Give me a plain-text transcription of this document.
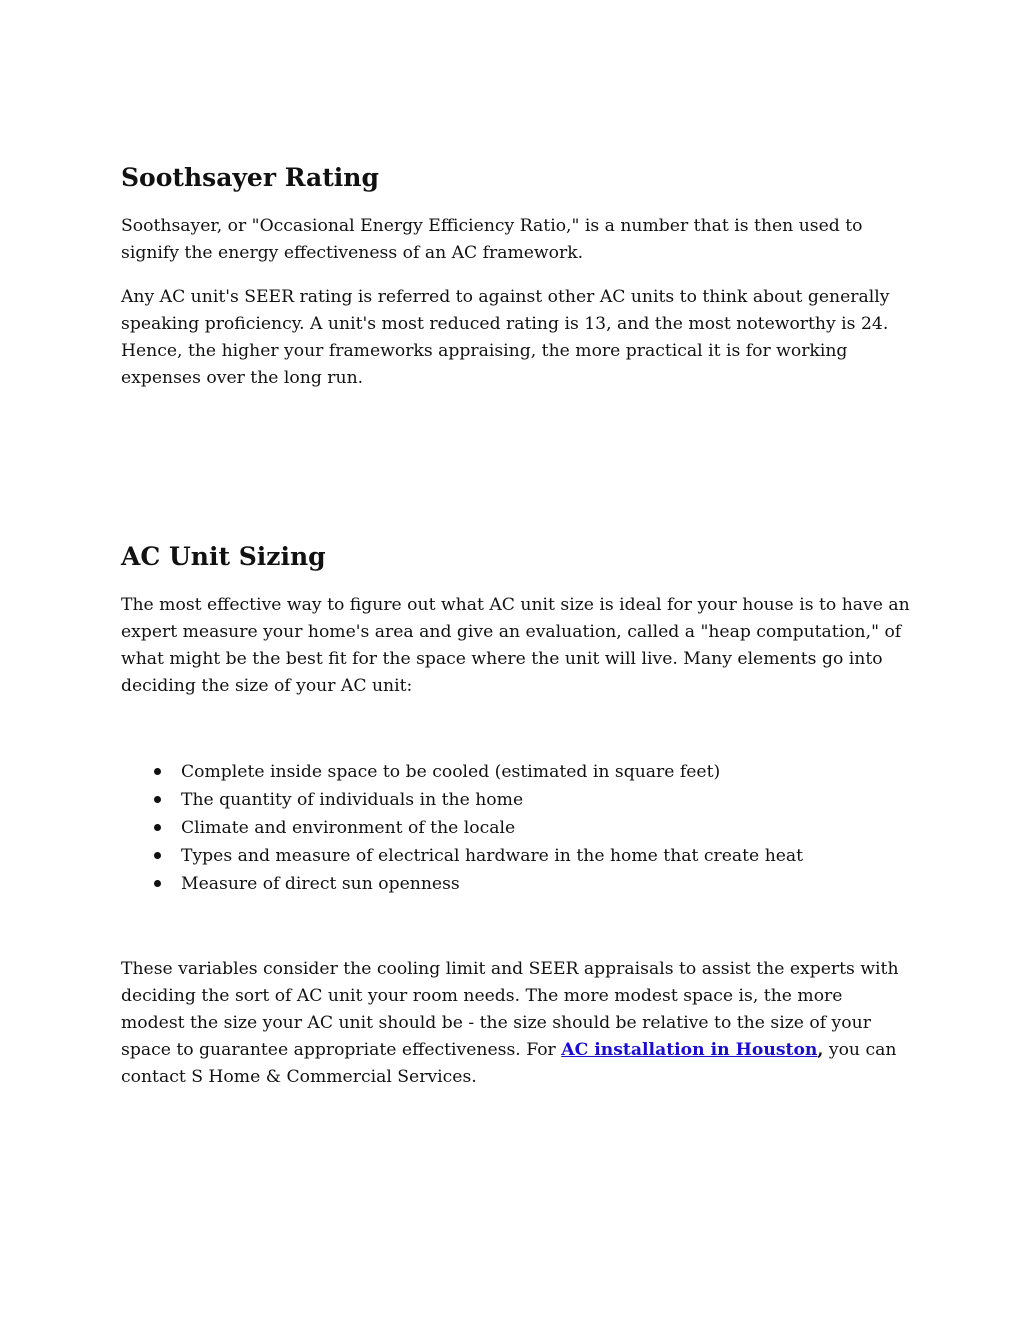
Soothsayer Rating

Soothsayer, or "Occasional Energy Efficiency Ratio," is a number that is then used to signify the energy effectiveness of an AC framework.

Any AC unit's SEER rating is referred to against other AC units to think about generally speaking proficiency. A unit's most reduced rating is 13, and the most noteworthy is 24. Hence, the higher your frameworks appraising, the more practical it is for working expenses over the long run.

AC Unit Sizing

The most effective way to figure out what AC unit size is ideal for your house is to have an expert measure your home's area and give an evaluation, called a "heap computation," of what might be the best fit for the space where the unit will live. Many elements go into deciding the size of your AC unit:

Complete inside space to be cooled (estimated in square feet)
The quantity of individuals in the home
Climate and environment of the locale
Types and measure of electrical hardware in the home that create heat
Measure of direct sun openness

These variables consider the cooling limit and SEER appraisals to assist the experts with deciding the sort of AC unit your room needs. The more modest space is, the more modest the size your AC unit should be - the size should be relative to the size of your space to guarantee appropriate effectiveness. For AC installation in Houston, you can contact S Home & Commercial Services.
